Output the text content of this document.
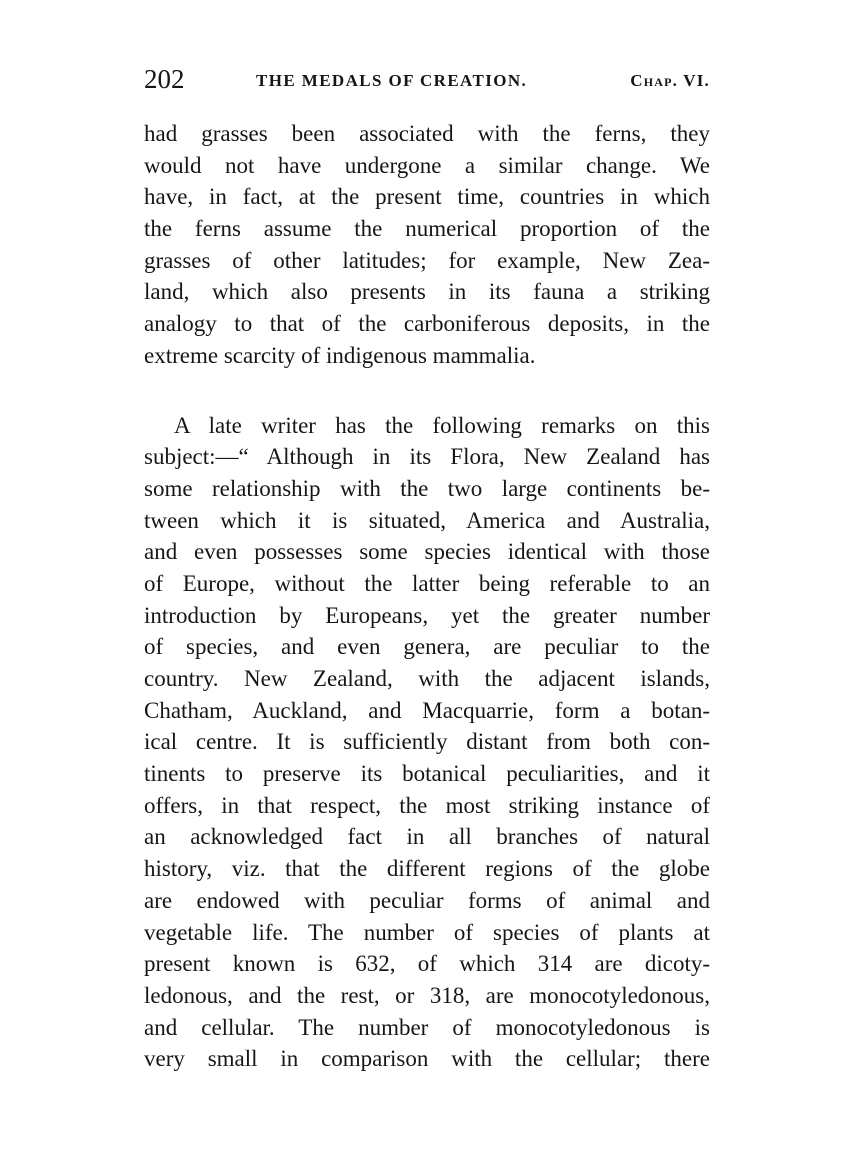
202	THE MEDALS OF CREATION.	Chap. VI.
had grasses been associated with the ferns, they
would not have undergone a similar change. We
have, in fact, at the present time, countries in which
the ferns assume the numerical proportion of the
grasses of other latitudes; for example, New Zea-
land, which also presents in its fauna a striking
analogy to that of the carboniferous deposits, in the
extreme scarcity of indigenous mammalia.
A late writer has the following remarks on this
subject:—“ Although in its Flora, New Zealand has
some relationship with the two large continents be-
tween which it is situated, America and Australia,
and even possesses some species identical with those
of Europe, without the latter being referable to an
introduction by Europeans, yet the greater number
of species, and even genera, are peculiar to the
country. New Zealand, with the adjacent islands,
Chatham, Auckland, and Macquarrie, form a botan-
ical centre. It is sufficiently distant from both con-
tinents to preserve its botanical peculiarities, and it
offers, in that respect, the most striking instance of
an acknowledged fact in all branches of natural
history, viz. that the different regions of the globe
are endowed with peculiar forms of animal and
vegetable life. The number of species of plants at
present known is 632, of which 314 are dicoty-
ledonous, and the rest, or 318, are monocotyledonous,
and cellular. The number of monocotyledonous is
very small in comparison with the cellular; there
